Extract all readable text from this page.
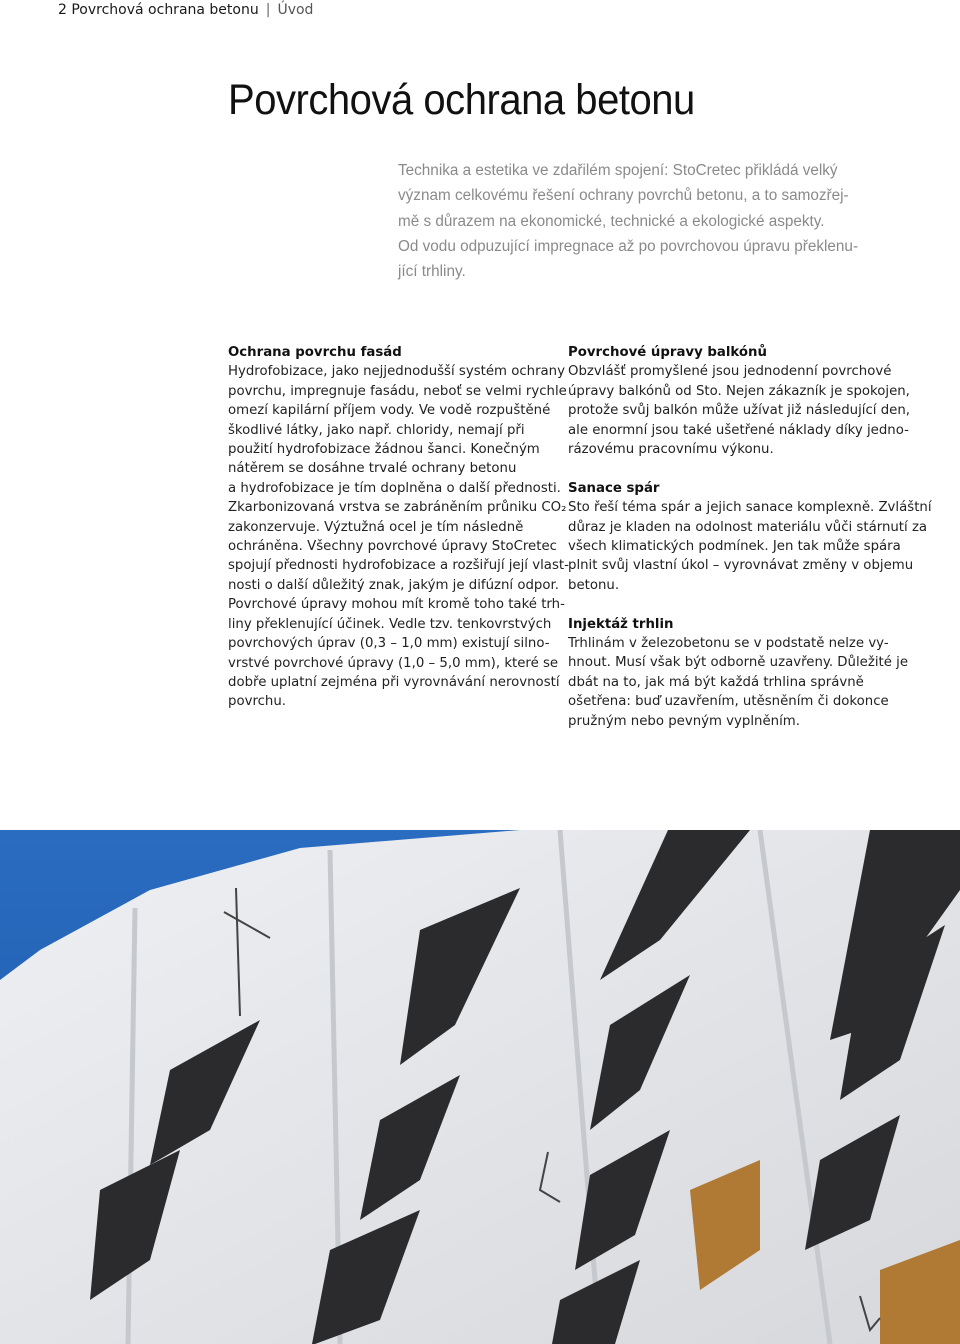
2 Povrchová ochrana betonu | Úvod
Povrchová ochrana betonu

Technika a estetika ve zdařilém spojení: StoCretec přikládá velký
význam celkovému řešení ochrany povrchů betonu, a to samozřej-
mě s důrazem na ekonomické, technické a ekologické aspekty.
Od vodu odpuzující impregnace až po povrchovou úpravu překlenu-
jící trhliny.

Ochrana povrchu fasád

Hydrofobizace, jako nejjednodušší systém ochrany
povrchu, impregnuje fasádu, neboť se velmi rychle
omezí kapilární příjem vody. Ve vodě rozpuštěné
škodlivé látky, jako např. chloridy, nemají při
použití hydrofobizace žádnou šanci. Konečným
nátěrem se dosáhne trvalé ochrany betonu
a hydrofobizace je tím doplněna o další přednosti.
Zkarbonizovaná vrstva se zabráněním průniku CO₂
zakonzervuje. Výztužná ocel je tím následně
ochráněna. Všechny povrchové úpravy StoCretec
spojují přednosti hydrofobizace a rozšiřují její vlast-
nosti o další důležitý znak, jakým je difúzní odpor.
Povrchové úpravy mohou mít kromě toho také trh-
liny překlenující účinek. Vedle tzv. tenkovrstvých
povrchových úprav (0,3 – 1,0 mm) existují silno-
vrstvé povrchové úpravy (1,0 – 5,0 mm), které se
dobře uplatní zejména při vyrovnávání nerovností
povrchu.

Povrchové úpravy balkónů

Obzvlášť promyšlené jsou jednodenní povrchové
úpravy balkónů od Sto. Nejen zákazník je spokojen,
protože svůj balkón může užívat již následující den,
ale enormní jsou také ušetřené náklady díky jedno-
rázovému pracovnímu výkonu.

Sanace spár

Sto řeší téma spár a jejich sanace komplexně. Zvláštní
důraz je kladen na odolnost materiálu vůči stárnutí za
všech klimatických podmínek. Jen tak může spára
plnit svůj vlastní úkol – vyrovnávat změny v objemu
betonu.

Injektáž trhlin

Trhlinám v železobetonu se v podstatě nelze vy-
hnout. Musí však být odborně uzavřeny. Důležité je
dbát na to, jak má být každá trhlina správně
ošetřena: buď uzavřením, utěsněním či dokonce
pružným nebo pevným vyplněním.
